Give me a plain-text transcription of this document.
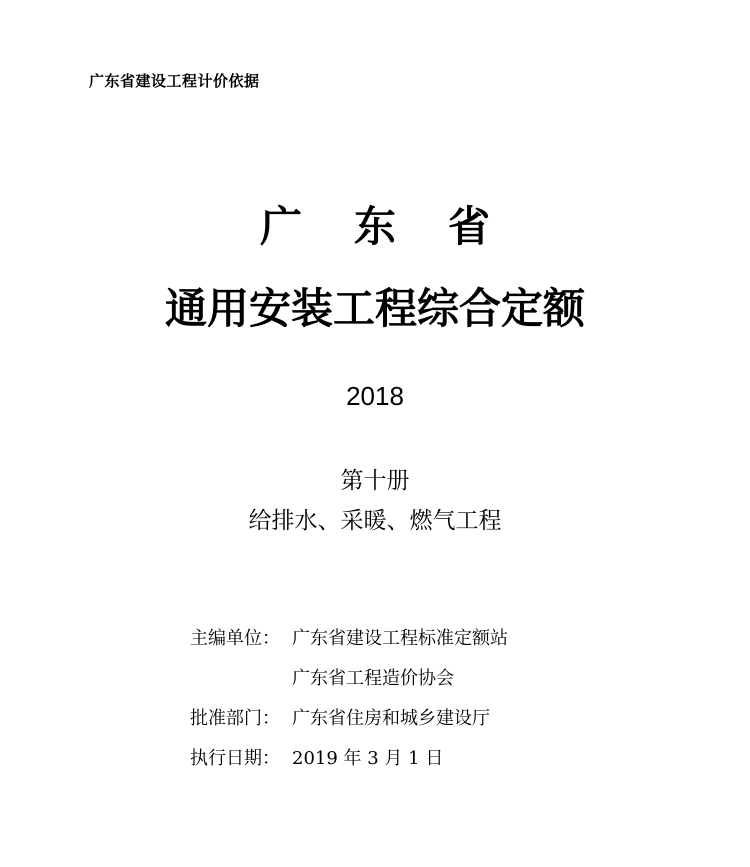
广东省建设工程计价依据
广 东 省
通用安装工程综合定额
2018
第十册
给排水、采暖、燃气工程
主编单位： 广东省建设工程标准定额站
广东省工程造价协会
批准部门： 广东省住房和城乡建设厅
执行日期： 2019 年 3 月 1 日
